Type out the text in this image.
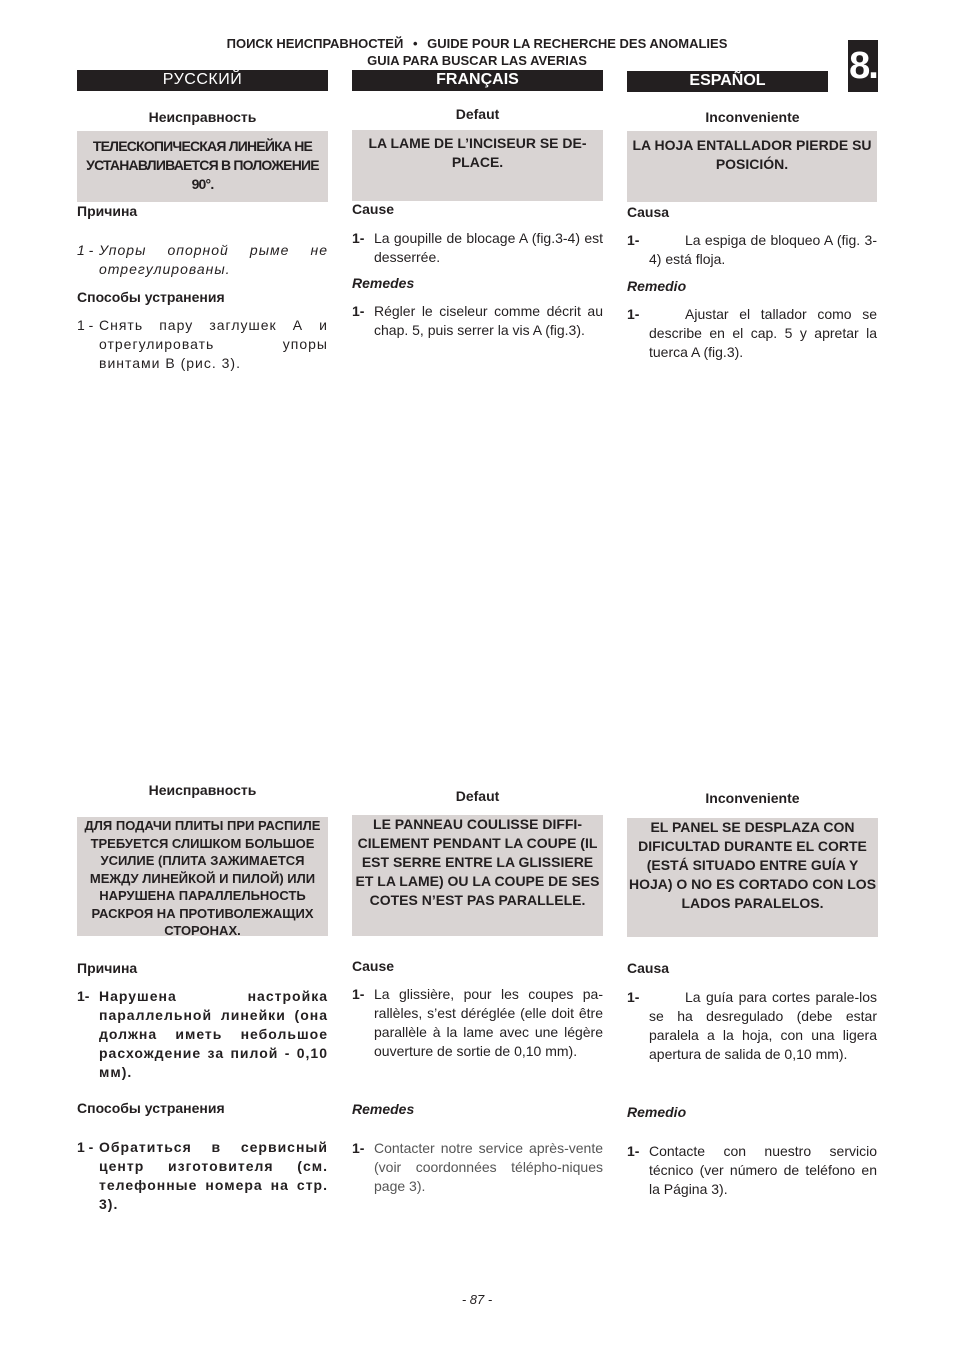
ПОИСК НЕИСПРАВНОСТЕЙ • GUIDE POUR LA RECHERCHE DES ANOMALIES
GUIA PARA BUSCAR LAS AVERIAS	8.
РУССКИЙ	FRANÇAIS	ESPAÑOL
Неисправность
ТЕЛЕСКОПИЧЕСКАЯ ЛИНЕЙКА НЕ УСТАНАВЛИВАЕТСЯ В ПОЛОЖЕНИЕ 90°.
Причина
1 - Упоры опорной рыме не отрегулированы.
Способы устранения
1 - Снять пару заглушек А и отрегулировать упоры винтами В (рис. 3).
Defaut
LA LAME DE L’INCISEUR SE DE-PLACE.
Cause
1- La goupille de blocage A (fig.3-4) est desserrée.
Remedes
1- Régler le ciseleur comme décrit au chap. 5, puis serrer la vis A (fig.3).
Inconveniente
LA HOJA ENTALLADOR PIERDE SU POSICIÓN.
Causa
1-	La espiga de bloqueo A (fig. 3-4) está floja.
Remedio
1-	Ajustar el tallador como se describe en el cap. 5 y apretar la tuerca A (fig.3).
Неисправность
ДЛЯ ПОДАЧИ ПЛИТЫ ПРИ РАСПИЛЕ ТРЕБУЕТСЯ СЛИШКОМ БОЛЬШОЕ УСИЛИЕ (ПЛИТА ЗАЖИМАЕТСЯ МЕЖДУ ЛИНЕЙКОЙ И ПИЛОЙ) ИЛИ НАРУШЕНА ПАРАЛЛЕЛЬНОСТЬ РАСКРОЯ НА ПРОТИВОЛЕЖАЩИХ СТОРОНАХ.
Причина
1- Нарушена настройка параллельной линейки (она должна иметь небольшое расхождение за пилой - 0,10 мм).
Способы устранения
1 - Обратиться в сервисный центр изготовителя (см. телефонные номера на стр. 3).
Defaut
LE PANNEAU COULISSE DIFFI-CILEMENT PENDANT LA COUPE (IL EST SERRE ENTRE LA GLISSIERE ET LA LAME) OU LA COUPE DE SES COTES N’EST PAS PARALLELE.
Cause
1- La glissière, pour les coupes pa-rallèles, s’est déréglée (elle doit être parallèle à la lame avec une légère ouverture de sortie de 0,10 mm).
Remedes
1- Contacter notre service après-vente (voir coordonnées télépho-niques page 3).
Inconveniente
EL PANEL SE DESPLAZA CON DIFICULTAD DURANTE EL CORTE (ESTÁ SITUADO ENTRE GUÍA Y HOJA) O NO ES CORTADO CON LOS LADOS PARALELOS.
Causa
1-	La guía para cortes parale-los se ha desregulado (debe estar paralela a la hoja, con una ligera apertura de salida de 0,10 mm).
Remedio
1- Contacte con nuestro servicio técnico (ver número de teléfono en la Página 3).
- 87 -
